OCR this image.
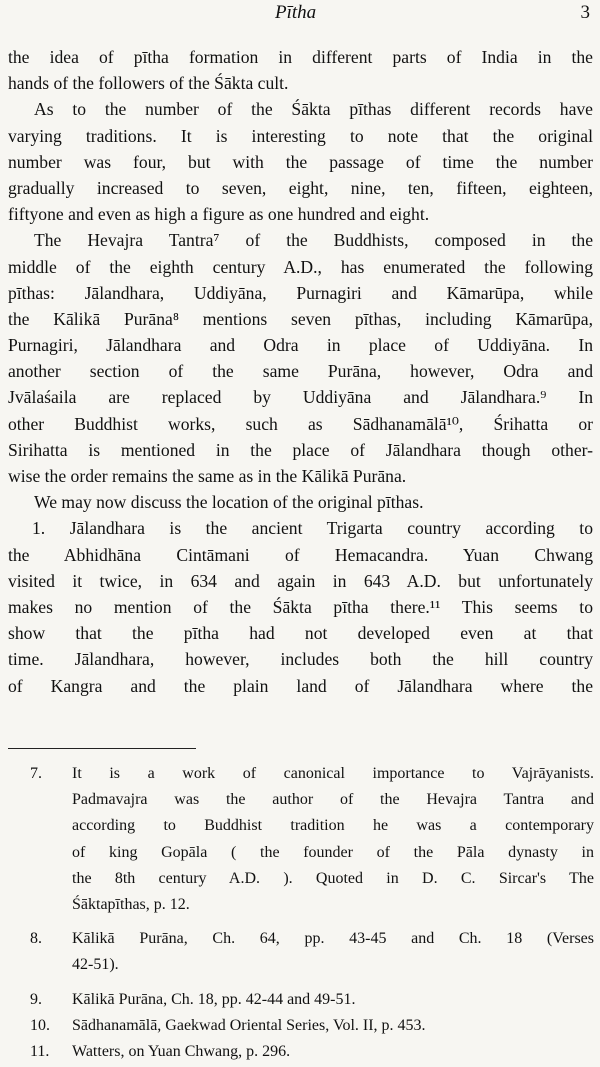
Pītha	3
the idea of pītha formation in different parts of India in the
hands of the followers of the Śākta cult.
As to the number of the Śākta pīthas different records have
varying traditions. It is interesting to note that the original
number was four, but with the passage of time the number
gradually increased to seven, eight, nine, ten, fifteen, eighteen,
fiftyone and even as high a figure as one hundred and eight.
The Hevajra Tantra⁷ of the Buddhists, composed in the
middle of the eighth century A.D., has enumerated the following
pīthas: Jālandhara, Uddiyāna, Purnagiri and Kāmarūpa, while
the Kālikā Purāna⁸ mentions seven pīthas, including Kāmarūpa,
Purnagiri, Jālandhara and Odra in place of Uddiyāna. In
another section of the same Purāna, however, Odra and
Jvālaśaila are replaced by Uddiyāna and Jālandhara.⁹ In
other Buddhist works, such as Sādhanamālā¹⁰, Śrihatta or
Sirihatta is mentioned in the place of Jālandhara though other-
wise the order remains the same as in the Kālikā Purāna.
We may now discuss the location of the original pīthas.
1. Jālandhara is the ancient Trigarta country according to
the Abhidhāna Cintāmani of Hemacandra. Yuan Chwang
visited it twice, in 634 and again in 643 A.D. but unfortunately
makes no mention of the Śākta pītha there.¹¹ This seems to
show that the pītha had not developed even at that
time. Jālandhara, however, includes both the hill country
of Kangra and the plain land of Jālandhara where the
7. It is a work of canonical importance to Vajrāyanists.
Padmavajra was the author of the Hevajra Tantra and
according to Buddhist tradition he was a contemporary
of king Gopāla ( the founder of the Pāla dynasty in
the 8th century A.D. ). Quoted in D. C. Sircar's The
Śāktapīthas, p. 12.
8. Kālikā Purāna, Ch. 64, pp. 43-45 and Ch. 18 (Verses
42-51).
9. Kālikā Purāna, Ch. 18, pp. 42-44 and 49-51.
10. Sādhanamālā, Gaekwad Oriental Series, Vol. II, p. 453.
11. Watters, on Yuan Chwang, p. 296.
